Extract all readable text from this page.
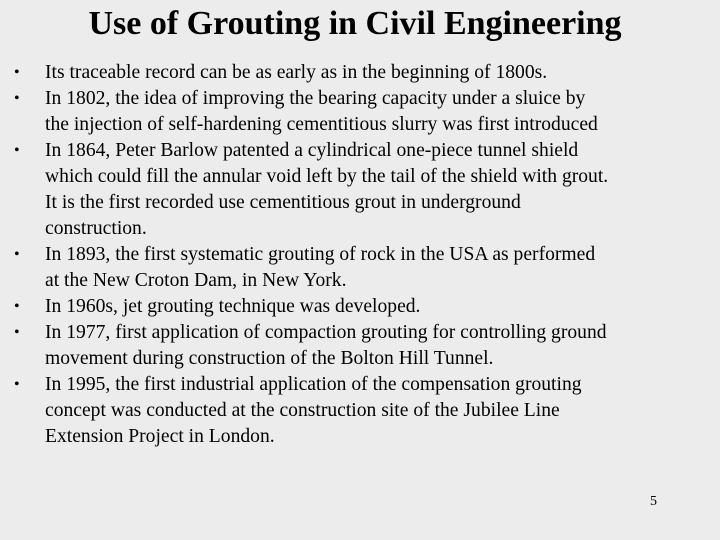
Use of Grouting in Civil Engineering
•	Its traceable record can be as early as in the beginning of 1800s.
•	In 1802, the idea of improving the bearing capacity under a sluice by
the injection of self-hardening cementitious slurry was first introduced
•	In 1864, Peter Barlow patented a cylindrical one-piece tunnel shield
which could fill the annular void left by the tail of the shield with grout.
It is the first recorded use cementitious grout in underground
construction.
•	In 1893, the first systematic grouting of rock in the USA as performed
at the New Croton Dam, in New York.
•	In 1960s, jet grouting technique was developed.
•	In 1977, first application of compaction grouting for controlling ground
movement during construction of the Bolton Hill Tunnel.
•	In 1995, the first industrial application of the compensation grouting
concept was conducted at the construction site of the Jubilee Line
Extension Project in London.
5
